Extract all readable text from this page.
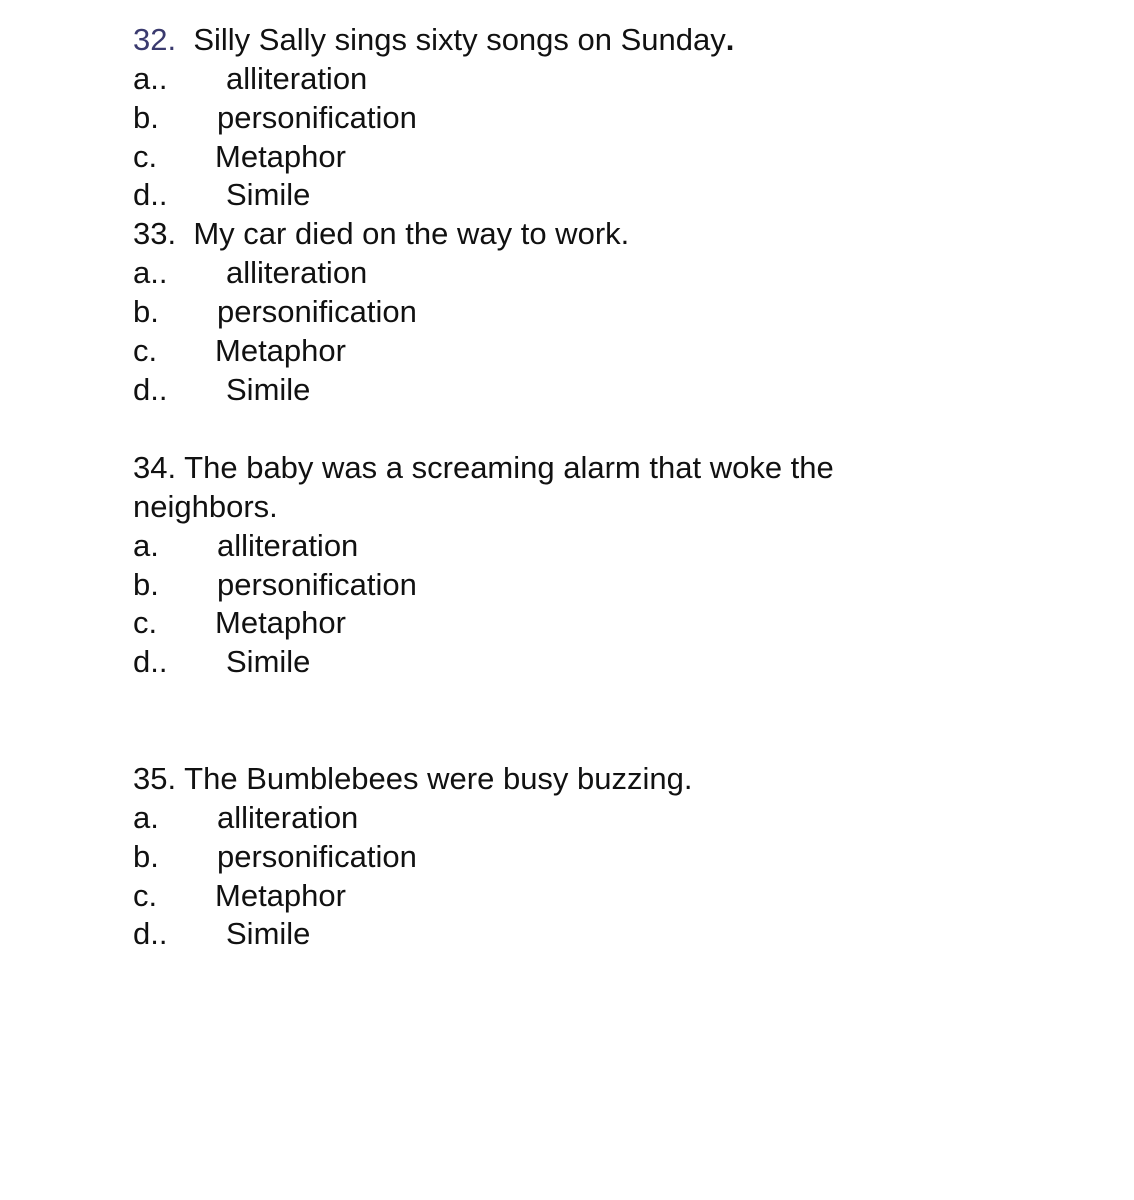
32. Silly Sally sings sixty songs on Sunday.
a.. alliteration
b. personification
c. Metaphor
d.. Simile
33. My car died on the way to work.
a.. alliteration
b. personification
c. Metaphor
d.. Simile
34. The baby was a screaming alarm that woke the
neighbors.
a. alliteration
b. personification
c. Metaphor
d.. Simile
35. The Bumblebees were busy buzzing.
a. alliteration
b. personification
c. Metaphor
d.. Simile
